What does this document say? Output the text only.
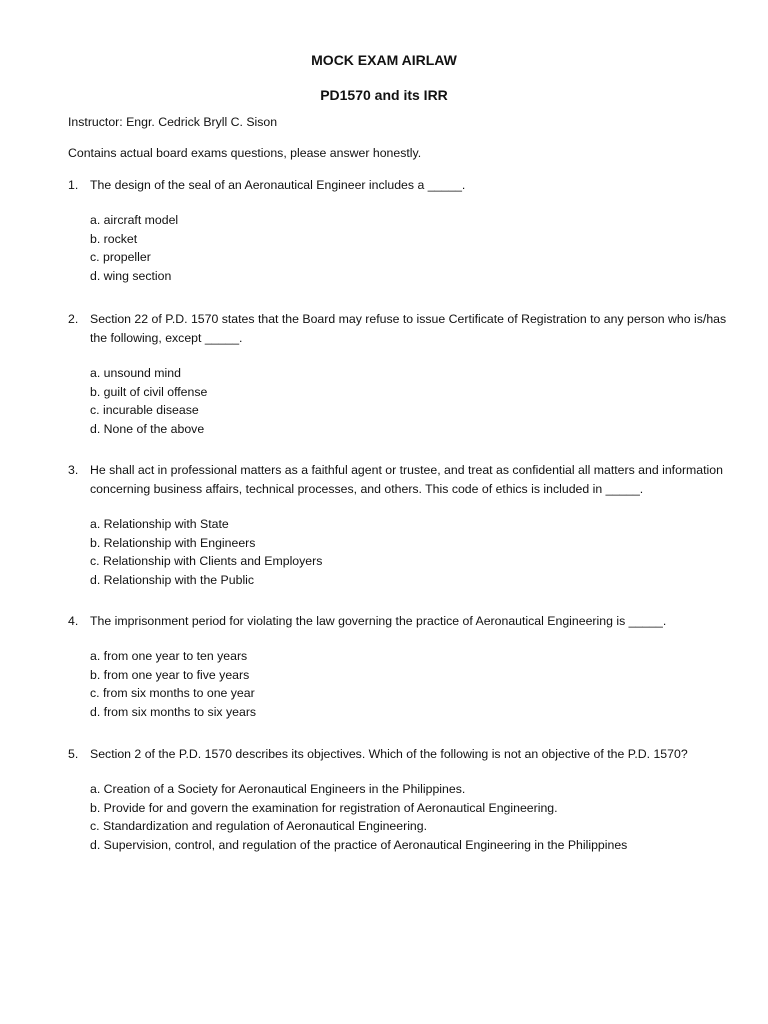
MOCK EXAM AIRLAW
PD1570 and its IRR

Instructor: Engr. Cedrick Bryll C. Sison

Contains actual board exams questions, please answer honestly.

1. The design of the seal of an Aeronautical Engineer includes a _____.
a. aircraft model
b. rocket
c. propeller
d. wing section
2. Section 22 of P.D. 1570 states that the Board may refuse to issue Certificate of Registration to any person who is/has the following, except _____.
a. unsound mind
b. guilt of civil offense
c. incurable disease
d. None of the above
3. He shall act in professional matters as a faithful agent or trustee, and treat as confidential all matters and information concerning business affairs, technical processes, and others. This code of ethics is included in _____.
a. Relationship with State
b. Relationship with Engineers
c. Relationship with Clients and Employers
d. Relationship with the Public
4. The imprisonment period for violating the law governing the practice of Aeronautical Engineering is _____.
a. from one year to ten years
b. from one year to five years
c. from six months to one year
d. from six months to six years
5. Section 2 of the P.D. 1570 describes its objectives. Which of the following is not an objective of the P.D. 1570?
a. Creation of a Society for Aeronautical Engineers in the Philippines.
b. Provide for and govern the examination for registration of Aeronautical Engineering.
c. Standardization and regulation of Aeronautical Engineering.
d. Supervision, control, and regulation of the practice of Aeronautical Engineering in the Philippines
